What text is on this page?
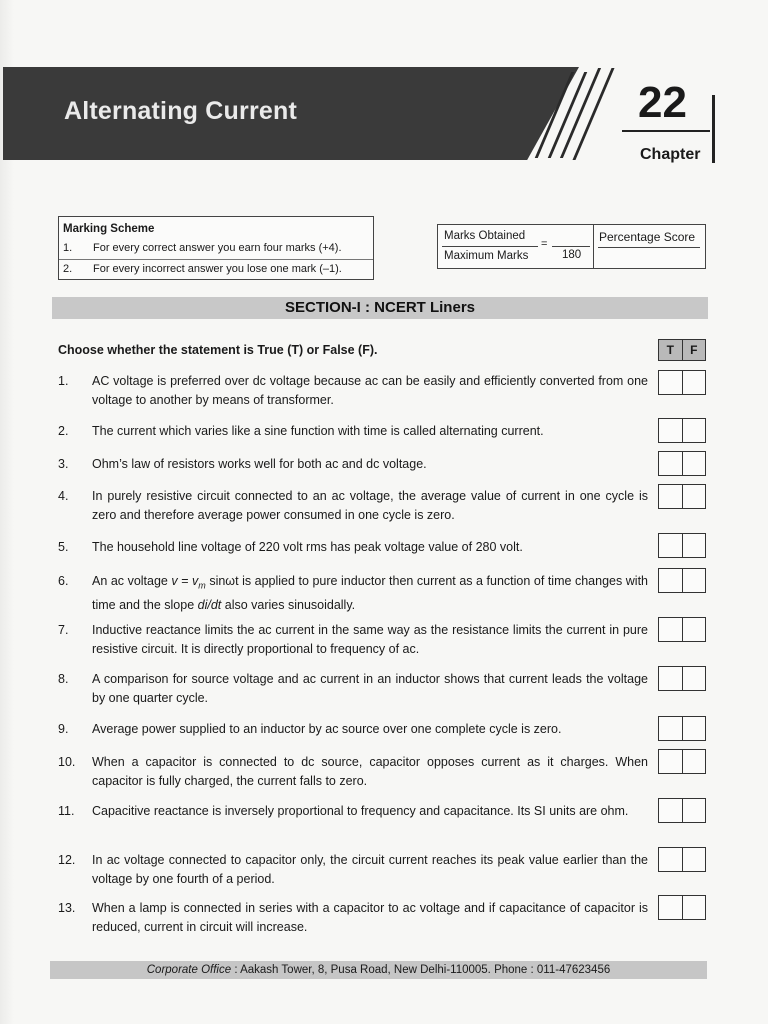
Alternating Current	22
Chapter
Marking Scheme
1. For every correct answer you earn four marks (+4).
2. For every incorrect answer you lose one mark (–1).
Marks Obtained
Maximum Marks
=
180
Percentage Score
SECTION-I : NCERT Liners
Choose whether the statement is True (T) or False (F).	T	F
1.	AC voltage is preferred over dc voltage because ac can be easily and efficiently converted from one voltage to another by means of transformer.
2.	The current which varies like a sine function with time is called alternating current.
3.	Ohm’s law of resistors works well for both ac and dc voltage.
4.	In purely resistive circuit connected to an ac voltage, the average value of current in one cycle is zero and therefore average power consumed in one cycle is zero.
5.	The household line voltage of 220 volt rms has peak voltage value of 280 volt.
6.	An ac voltage $v = v_m$ sinωt is applied to pure inductor then current as a function of time changes with time and the slope di/dt also varies sinusoidally.
7.	Inductive reactance limits the ac current in the same way as the resistance limits the current in pure resistive circuit. It is directly proportional to frequency of ac.
8.	A comparison for source voltage and ac current in an inductor shows that current leads the voltage by one quarter cycle.
9.	Average power supplied to an inductor by ac source over one complete cycle is zero.
10.	When a capacitor is connected to dc source, capacitor opposes current as it charges. When capacitor is fully charged, the current falls to zero.
11.	Capacitive reactance is inversely proportional to frequency and capacitance. Its SI units are ohm.
12.	In ac voltage connected to capacitor only, the circuit current reaches its peak value earlier than the voltage by one fourth of a period.
13.	When a lamp is connected in series with a capacitor to ac voltage and if capacitance of capacitor is reduced, current in circuit will increase.
Corporate Office : Aakash Tower, 8, Pusa Road, New Delhi-110005. Phone : 011-47623456
